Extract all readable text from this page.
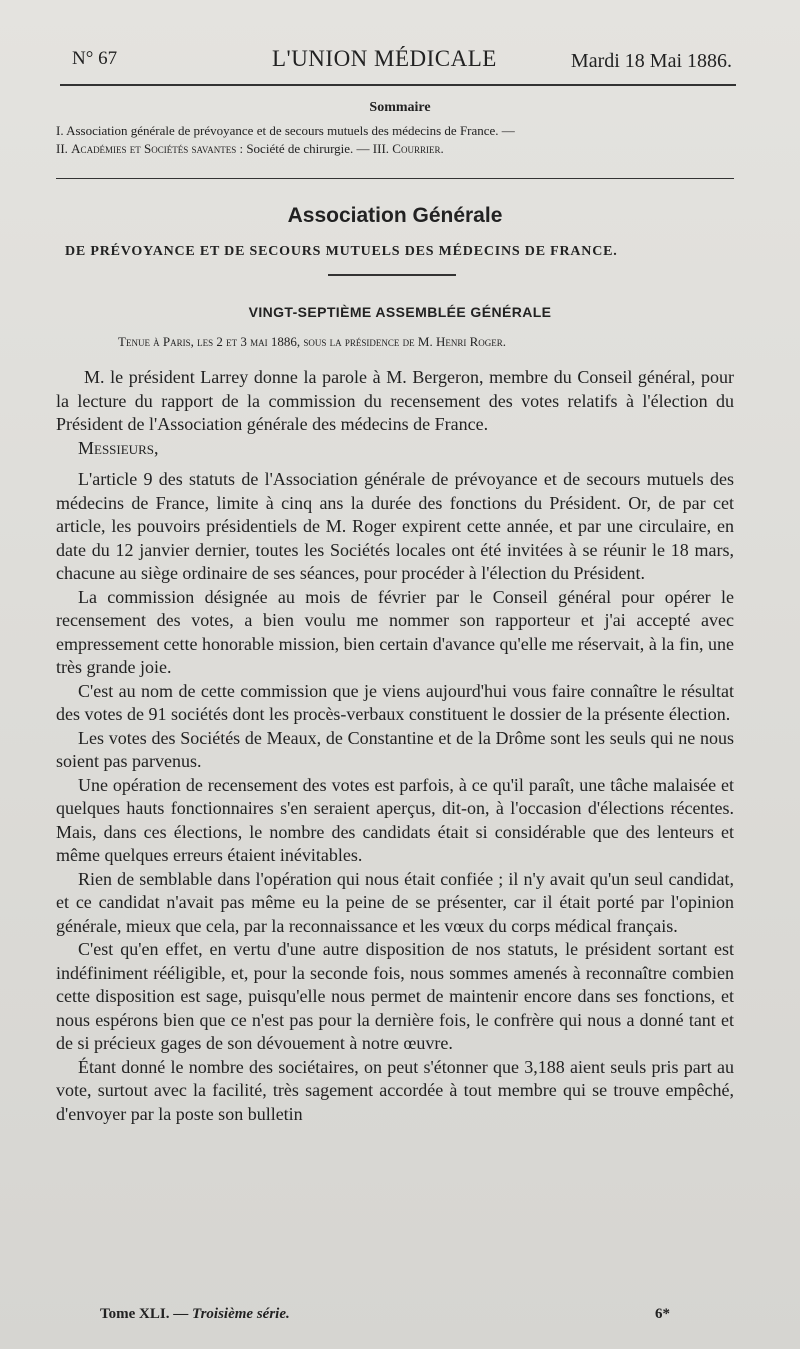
N° 67	L'UNION MÉDICALE	Mardi 18 Mai 1886.
Sommaire
I. Association générale de prévoyance et de secours mutuels des médecins de France. —
II. Académies et Sociétés savantes : Société de chirurgie. — III. Courrier.
Association Générale
DE PRÉVOYANCE ET DE SECOURS MUTUELS DES MÉDECINS DE FRANCE.
VINGT-SEPTIÈME ASSEMBLÉE GÉNÉRALE
Tenue à Paris, les 2 et 3 mai 1886, sous la présidence de M. Henri Roger.

M. le président Larrey donne la parole à M. Bergeron, membre du Conseil général, pour la lecture du rapport de la commission du recensement des votes relatifs à l'élection du Président de l'Association générale des médecins de France.

Messieurs,

L'article 9 des statuts de l'Association générale de prévoyance et de secours mutuels des médecins de France, limite à cinq ans la durée des fonctions du Président. Or, de par cet article, les pouvoirs présidentiels de M. Roger expirent cette année, et par une circulaire, en date du 12 janvier dernier, toutes les Sociétés locales ont été invitées à se réunir le 18 mars, chacune au siège ordinaire de ses séances, pour procéder à l'élection du Président.

La commission désignée au mois de février par le Conseil général pour opérer le recensement des votes, a bien voulu me nommer son rapporteur et j'ai accepté avec empressement cette honorable mission, bien certain d'avance qu'elle me réservait, à la fin, une très grande joie.

C'est au nom de cette commission que je viens aujourd'hui vous faire connaître le résultat des votes de 91 sociétés dont les procès-verbaux constituent le dossier de la présente élection.

Les votes des Sociétés de Meaux, de Constantine et de la Drôme sont les seuls qui ne nous soient pas parvenus.

Une opération de recensement des votes est parfois, à ce qu'il paraît, une tâche malaisée et quelques hauts fonctionnaires s'en seraient aperçus, dit-on, à l'occasion d'élections récentes. Mais, dans ces élections, le nombre des candidats était si considérable que des lenteurs et même quelques erreurs étaient inévitables.

Rien de semblable dans l'opération qui nous était confiée ; il n'y avait qu'un seul candidat, et ce candidat n'avait pas même eu la peine de se présenter, car il était porté par l'opinion générale, mieux que cela, par la reconnaissance et les vœux du corps médical français.

C'est qu'en effet, en vertu d'une autre disposition de nos statuts, le président sortant est indéfiniment rééligible, et, pour la seconde fois, nous sommes amenés à reconnaître combien cette disposition est sage, puisqu'elle nous permet de maintenir encore dans ses fonctions, et nous espérons bien que ce n'est pas pour la dernière fois, le confrère qui nous a donné tant et de si précieux gages de son dévouement à notre œuvre.

Étant donné le nombre des sociétaires, on peut s'étonner que 3,188 aient seuls pris part au vote, surtout avec la facilité, très sagement accordée à tout membre qui se trouve empêché, d'envoyer par la poste son bulletin

Tome XLI. — Troisième série.	6*
